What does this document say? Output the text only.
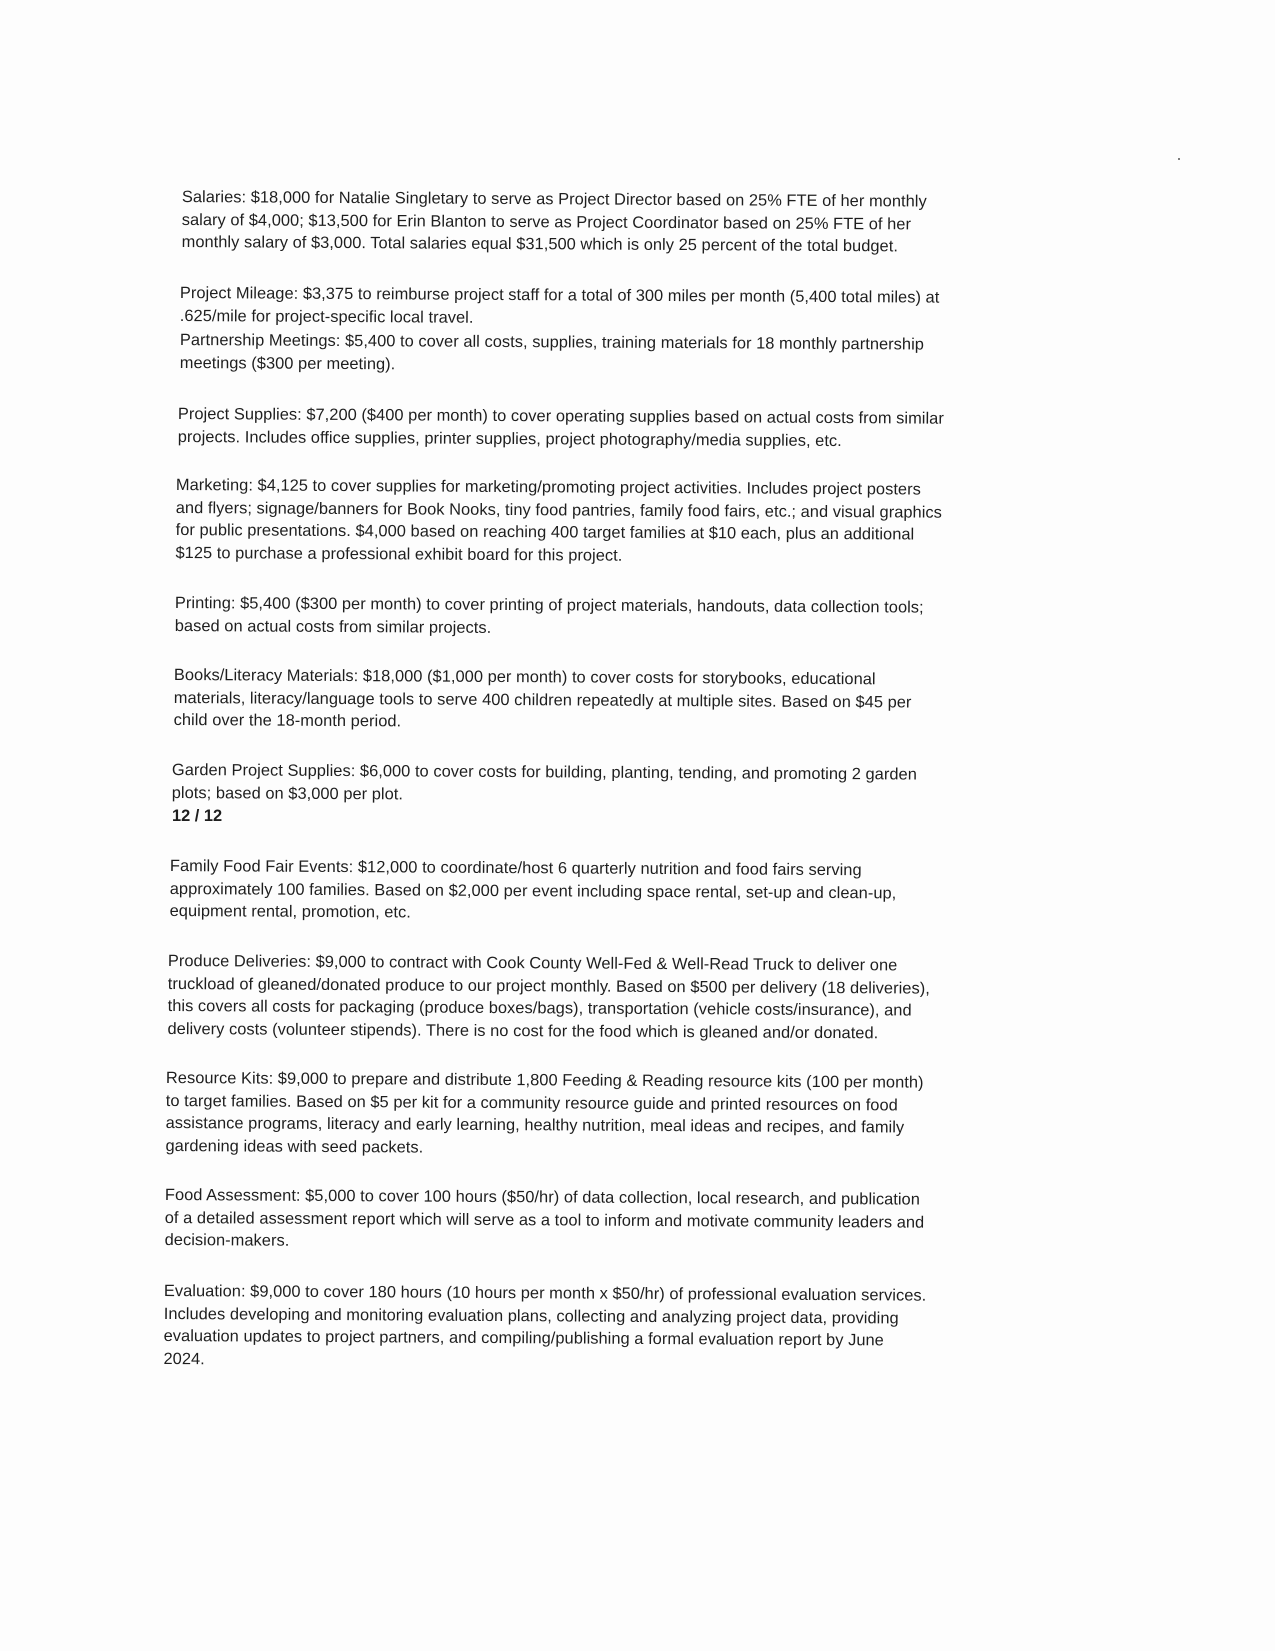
Salaries: $18,000 for Natalie Singletary to serve as Project Director based on 25% FTE of her monthly
salary of $4,000; $13,500 for Erin Blanton to serve as Project Coordinator based on 25% FTE of her
monthly salary of $3,000. Total salaries equal $31,500 which is only 25 percent of the total budget.

Project Mileage: $3,375 to reimburse project staff for a total of 300 miles per month (5,400 total miles) at
.625/mile for project-specific local travel.

Partnership Meetings: $5,400 to cover all costs, supplies, training materials for 18 monthly partnership
meetings ($300 per meeting).

Project Supplies: $7,200 ($400 per month) to cover operating supplies based on actual costs from similar
projects. Includes office supplies, printer supplies, project photography/media supplies, etc.

Marketing: $4,125 to cover supplies for marketing/promoting project activities. Includes project posters
and flyers; signage/banners for Book Nooks, tiny food pantries, family food fairs, etc.; and visual graphics
for public presentations. $4,000 based on reaching 400 target families at $10 each, plus an additional
$125 to purchase a professional exhibit board for this project.

Printing: $5,400 ($300 per month) to cover printing of project materials, handouts, data collection tools;
based on actual costs from similar projects.

Books/Literacy Materials: $18,000 ($1,000 per month) to cover costs for storybooks, educational
materials, literacy/language tools to serve 400 children repeatedly at multiple sites. Based on $45 per
child over the 18-month period.

Garden Project Supplies: $6,000 to cover costs for building, planting, tending, and promoting 2 garden
plots; based on $3,000 per plot.

12 / 12

Family Food Fair Events: $12,000 to coordinate/host 6 quarterly nutrition and food fairs serving
approximately 100 families. Based on $2,000 per event including space rental, set-up and clean-up,
equipment rental, promotion, etc.

Produce Deliveries: $9,000 to contract with Cook County Well-Fed & Well-Read Truck to deliver one
truckload of gleaned/donated produce to our project monthly. Based on $500 per delivery (18 deliveries),
this covers all costs for packaging (produce boxes/bags), transportation (vehicle costs/insurance), and
delivery costs (volunteer stipends). There is no cost for the food which is gleaned and/or donated.

Resource Kits: $9,000 to prepare and distribute 1,800 Feeding & Reading resource kits (100 per month)
to target families. Based on $5 per kit for a community resource guide and printed resources on food
assistance programs, literacy and early learning, healthy nutrition, meal ideas and recipes, and family
gardening ideas with seed packets.

Food Assessment: $5,000 to cover 100 hours ($50/hr) of data collection, local research, and publication
of a detailed assessment report which will serve as a tool to inform and motivate community leaders and
decision-makers.

Evaluation: $9,000 to cover 180 hours (10 hours per month x $50/hr) of professional evaluation services.
Includes developing and monitoring evaluation plans, collecting and analyzing project data, providing
evaluation updates to project partners, and compiling/publishing a formal evaluation report by June
2024.
